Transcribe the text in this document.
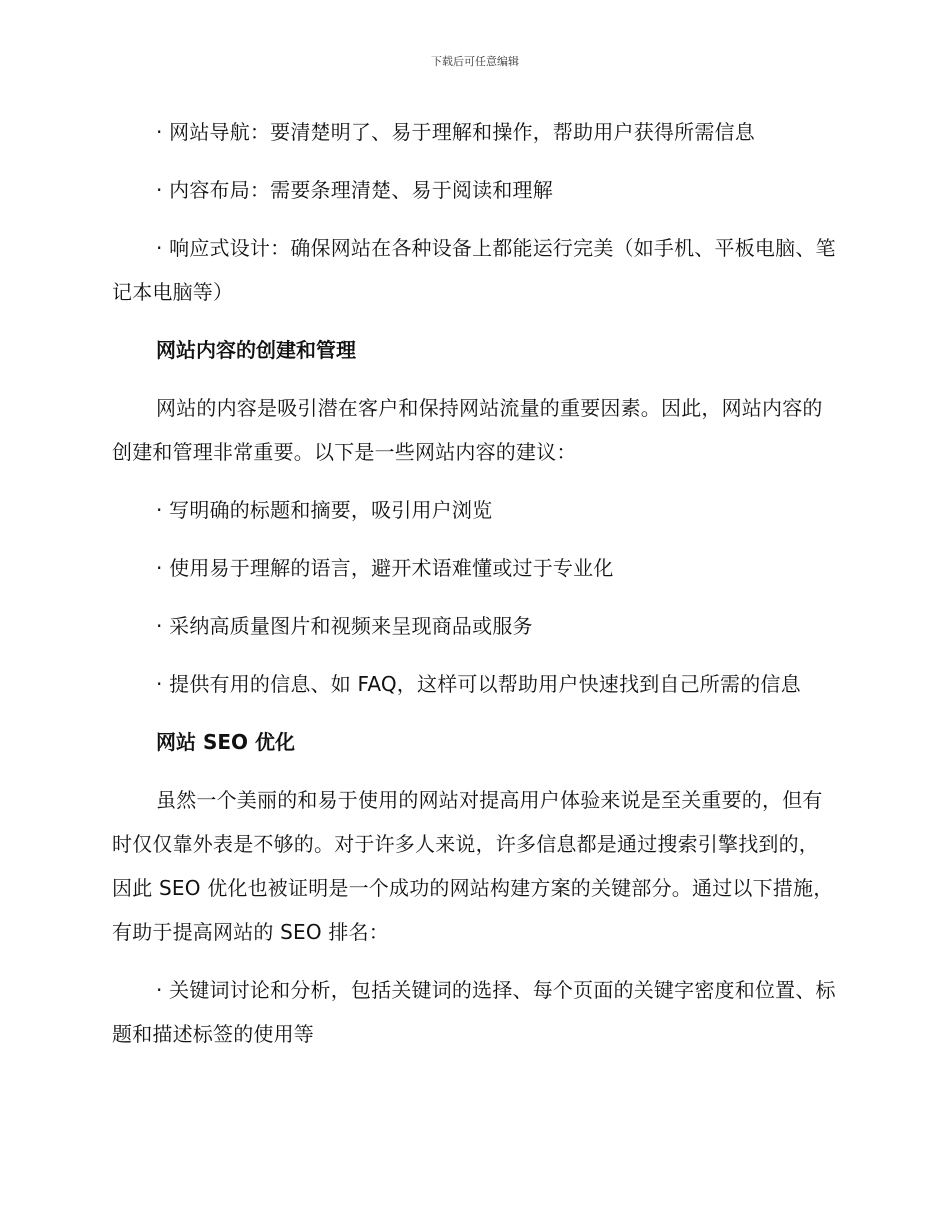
下载后可任意编辑

· 网站导航：要清楚明了、易于理解和操作，帮助用户获得所需信息

· 内容布局：需要条理清楚、易于阅读和理解

· 响应式设计：确保网站在各种设备上都能运行完美（如手机、平板电脑、笔记本电脑等）

网站内容的创建和管理

网站的内容是吸引潜在客户和保持网站流量的重要因素。因此，网站内容的创建和管理非常重要。以下是一些网站内容的建议：

· 写明确的标题和摘要，吸引用户浏览

· 使用易于理解的语言，避开术语难懂或过于专业化

· 采纳高质量图片和视频来呈现商品或服务

· 提供有用的信息、如 FAQ，这样可以帮助用户快速找到自己所需的信息

网站 SEO 优化

虽然一个美丽的和易于使用的网站对提高用户体验来说是至关重要的，但有时仅仅靠外表是不够的。对于许多人来说，许多信息都是通过搜索引擎找到的，因此 SEO 优化也被证明是一个成功的网站构建方案的关键部分。通过以下措施，有助于提高网站的 SEO 排名：

· 关键词讨论和分析，包括关键词的选择、每个页面的关键字密度和位置、标题和描述标签的使用等
